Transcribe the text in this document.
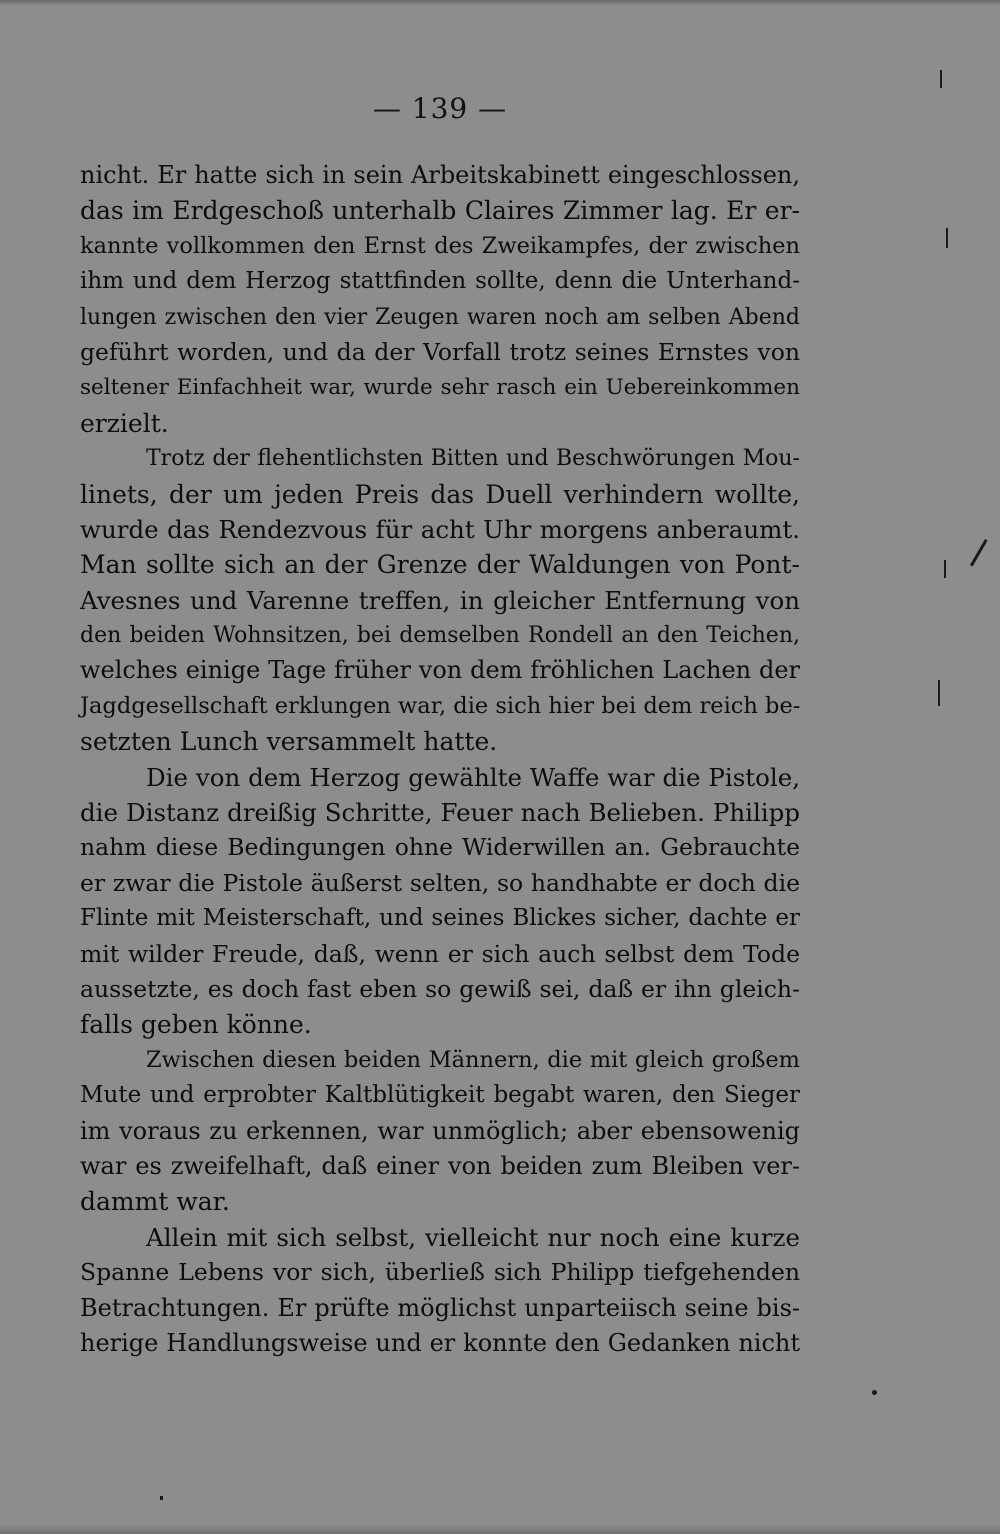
— 139 —
nicht. Er hatte sich in sein Arbeitskabinett eingeschlossen,
das im Erdgeschoß unterhalb Claires Zimmer lag. Er er-
kannte vollkommen den Ernst des Zweikampfes, der zwischen
ihm und dem Herzog stattfinden sollte, denn die Unterhand-
lungen zwischen den vier Zeugen waren noch am selben Abend
geführt worden, und da der Vorfall trotz seines Ernstes von
seltener Einfachheit war, wurde sehr rasch ein Uebereinkommen
erzielt.
Trotz der flehentlichsten Bitten und Beschwörungen Mou-
linets, der um jeden Preis das Duell verhindern wollte,
wurde das Rendezvous für acht Uhr morgens anberaumt.
Man sollte sich an der Grenze der Waldungen von Pont-
Avesnes und Varenne treffen, in gleicher Entfernung von
den beiden Wohnsitzen, bei demselben Rondell an den Teichen,
welches einige Tage früher von dem fröhlichen Lachen der
Jagdgesellschaft erklungen war, die sich hier bei dem reich be-
setzten Lunch versammelt hatte.
Die von dem Herzog gewählte Waffe war die Pistole,
die Distanz dreißig Schritte, Feuer nach Belieben. Philipp
nahm diese Bedingungen ohne Widerwillen an. Gebrauchte
er zwar die Pistole äußerst selten, so handhabte er doch die
Flinte mit Meisterschaft, und seines Blickes sicher, dachte er
mit wilder Freude, daß, wenn er sich auch selbst dem Tode
aussetzte, es doch fast eben so gewiß sei, daß er ihn gleich-
falls geben könne.
Zwischen diesen beiden Männern, die mit gleich großem
Mute und erprobter Kaltblütigkeit begabt waren, den Sieger
im voraus zu erkennen, war unmöglich; aber ebensowenig
war es zweifelhaft, daß einer von beiden zum Bleiben ver-
dammt war.
Allein mit sich selbst, vielleicht nur noch eine kurze
Spanne Lebens vor sich, überließ sich Philipp tiefgehenden
Betrachtungen. Er prüfte möglichst unparteiisch seine bis-
herige Handlungsweise und er konnte den Gedanken nicht
